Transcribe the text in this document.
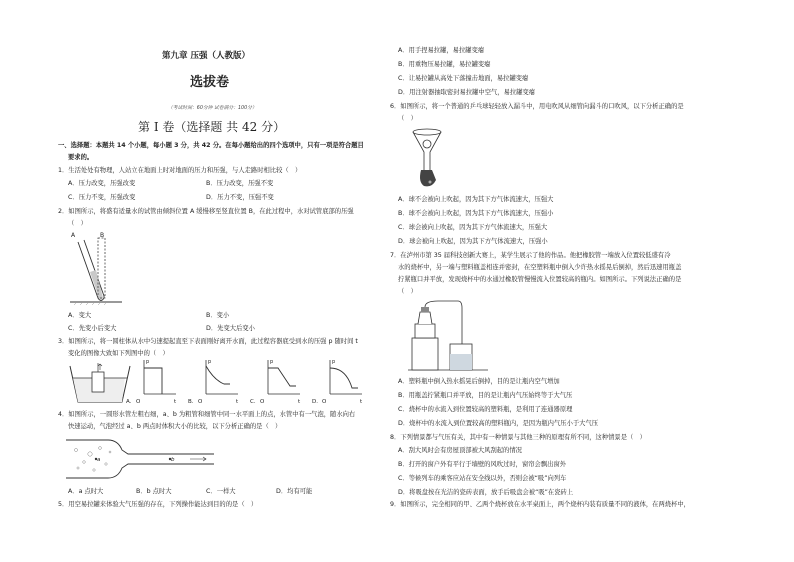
第九章 压强（人教版）
选拔卷
（考试时间：60分钟 试卷满分：100分）
第 I 卷（选择题 共 42 分）
一、选择题：本题共 14 个小题，每小题 3 分，共 42 分。在每小题给出的四个选项中，只有一项是符合题目
要求的。
1．生活处处有物理，人站立在地面上时对地面的压力和压强，与人走路时相比较（　）
A．压力改变，压强改变	B．压力改变，压强不变
C．压力不变，压强改变	D．压力不变，压强不变
2．如图所示，将盛有适量水的试管由倾斜位置 A 缓慢移至竖直位置 B，在此过程中，水对试管底部的压强
（　）
A	B
A．变大	B．变小
C．先变小后变大	D．先变大后变小
3．如图所示，将一圆柱体从水中匀速提起直至下表面刚好离开水面，此过程容器底受到水的压强 p 随时间 t
变化的图像大致如下列图中的（　）
p	p	p	p
A. O	t B. O	t C. O	t D. O	t
4．如图所示，一圆形水管左粗右细，a、b 为粗管和细管中同一水平面上的点，水管中有一气泡，随水向右
快速运动，气泡经过 a、b 两点时体积大小的比较，以下分析正确的是（　）
a	b
A．a 点时大	B．b 点时大	C．一样大	D．均有可能
5．用空易拉罐来体验大气压强的存在，下列操作能达到目的的是（　）
A．用手捏易拉罐，易拉罐变瘪
B．用重物压易拉罐，易拉罐变瘪
C．让易拉罐从高处下落撞击地面，易拉罐变瘪
D．用注射器抽取密封易拉罐中空气，易拉罐变瘪
6．如图所示，将一个普通的乒乓球轻轻放入漏斗中，用电吹风从细管向漏斗的口吹风，以下分析正确的是
（　）
A．球不会被向上吹起，因为其下方气体流速大，压强大
B．球不会被向上吹起，因为其下方气体流速大，压强小
C．球会被向上吹起，因为其下方气体流速大，压强大
D．球会被向上吹起，因为其下方气体流速大，压强小
7．在泸州市第 35 届科技创新大赛上，某学生展示了他的作品。他把橡胶管一端放入位置较低盛有冷
水的烧杯中，另一端与塑料瓶盖相连并密封，在空塑料瓶中倒入少许热水摇晃后倒掉，然后迅速用瓶盖
拧紧瓶口并平放，发现烧杯中的水通过橡胶管慢慢流入位置较高的瓶内。如图所示。下列说法正确的是
（　）
A．塑料瓶中倒入热水摇晃后倒掉，目的是让瓶内空气增加
B．用瓶盖拧紧瓶口并平放，目的是让瓶内气压始终等于大气压
C．烧杯中的水流入到位置较高的塑料瓶，是利用了连通器原理
D．烧杯中的水流入到位置较高的塑料瓶内，是因为瓶内气压小于大气压
8．下列情景都与气压有关，其中有一种情景与其他三种的原理有所不同，这种情景是（　）
A．刮大风时会有房屋顶部被大风刮起的情况
B．打开的窗户外有平行于墙壁的风吹过时，窗帘会飘出窗外
C．等候列车的乘客应站在安全线以外，否则会被“吸”向列车
D．将吸盘按在光洁的瓷砖表面，放手后吸盘会被“吸”在瓷砖上
9．如图所示，完全相同的甲、乙两个烧杯放在水平桌面上，两个烧杯内装有质量不同的液体，在两烧杯中，
